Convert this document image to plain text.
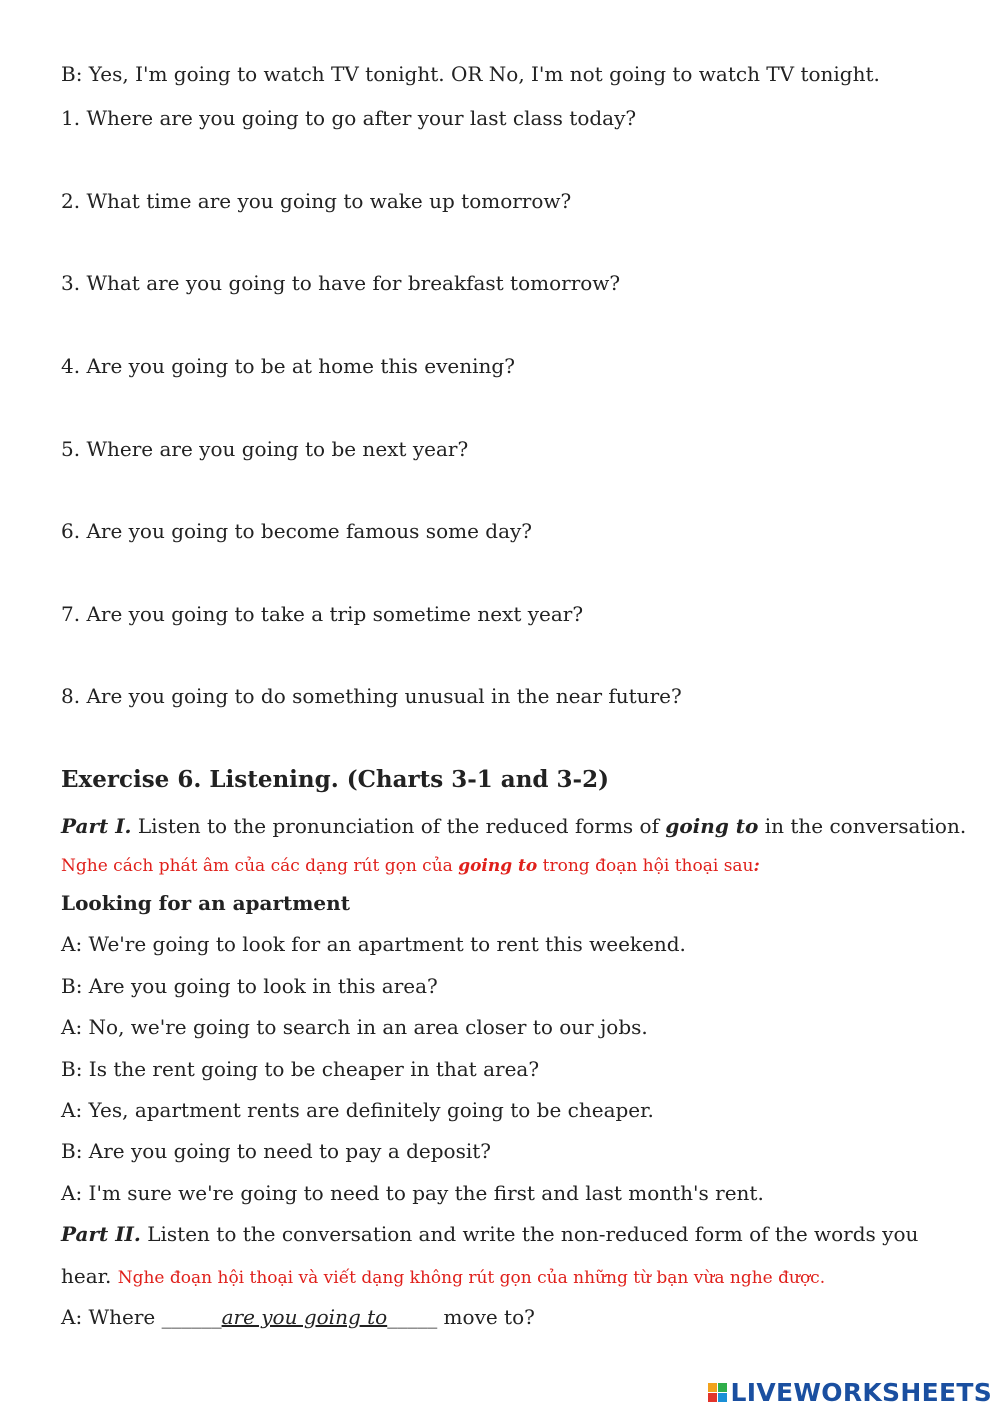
B: Yes, I'm going to watch TV tonight. OR No, I'm not going to watch TV tonight.
1. Where are you going to go after your last class today?
2. What time are you going to wake up tomorrow?
3. What are you going to have for breakfast tomorrow?
4. Are you going to be at home this evening?
5. Where are you going to be next year?
6. Are you going to become famous some day?
7. Are you going to take a trip sometime next year?
8. Are you going to do something unusual in the near future?
Exercise 6. Listening. (Charts 3-1 and 3-2)
Part I. Listen to the pronunciation of the reduced forms of going to in the conversation.
Nghe cách phát âm của các dạng rút gọn của going to trong đoạn hội thoại sau:
Looking for an apartment
A: We're going to look for an apartment to rent this weekend.
B: Are you going to look in this area?
A: No, we're going to search in an area closer to our jobs.
B: Is the rent going to be cheaper in that area?
A: Yes, apartment rents are definitely going to be cheaper.
B: Are you going to need to pay a deposit?
A: I'm sure we're going to need to pay the first and last month's rent.
Part II. Listen to the conversation and write the non-reduced form of the words you
hear. Nghe đoạn hội thoại và viết dạng không rút gọn của những từ bạn vừa nghe được.
A: Where ______are you going to_____ move to?
LIVEWORKSHEETS
